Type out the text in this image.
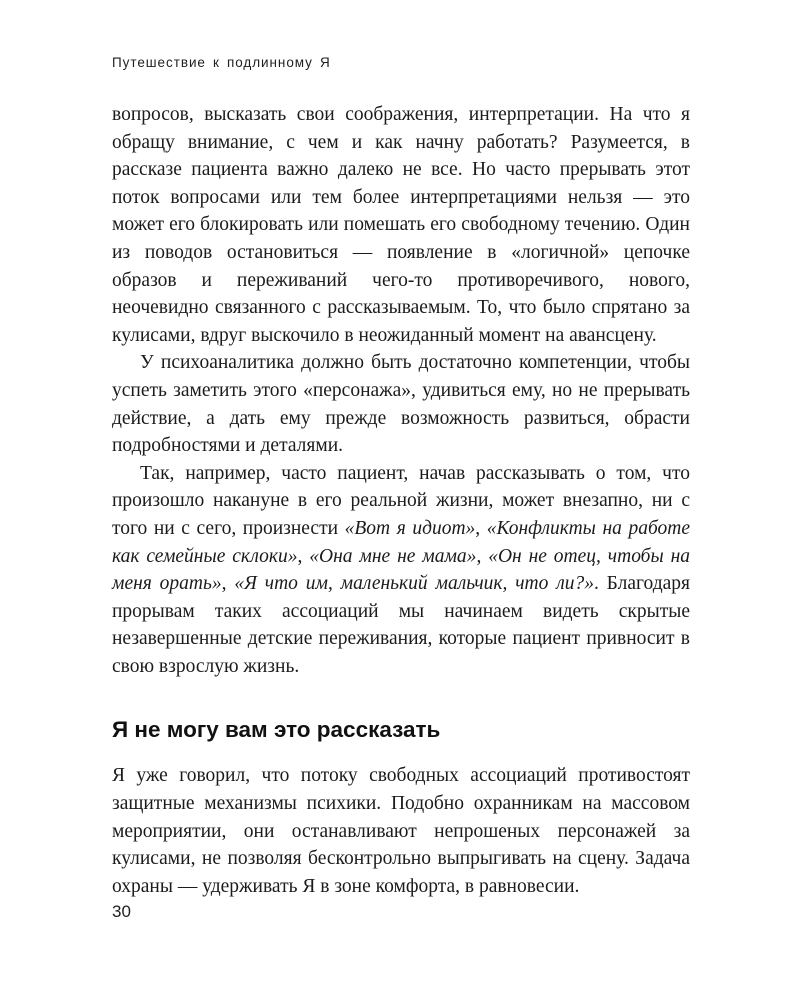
Путешествие к подлинному Я

вопросов, высказать свои соображения, интерпретации. На что я обращу внимание, с чем и как начну работать? Разумеется, в рассказе пациента важно далеко не все. Но часто прерывать этот поток вопросами или тем более интерпретациями нельзя — это может его блокировать или помешать его свободному течению. Один из поводов остановиться — появление в «логичной» цепочке образов и переживаний чего-то противоречивого, нового, неочевидно связанного с рассказываемым. То, что было спрятано за кулисами, вдруг выскочило в неожиданный момент на авансцену.

У психоаналитика должно быть достаточно компетенции, чтобы успеть заметить этого «персонажа», удивиться ему, но не прерывать действие, а дать ему прежде возможность развиться, обрасти подробностями и деталями.

Так, например, часто пациент, начав рассказывать о том, что произошло накануне в его реальной жизни, может внезапно, ни с того ни с сего, произнести «Вот я идиот», «Конфликты на работе как семейные склоки», «Она мне не мама», «Он не отец, чтобы на меня орать», «Я что им, маленький мальчик, что ли?». Благодаря прорывам таких ассоциаций мы начинаем видеть скрытые незавершенные детские переживания, которые пациент привносит в свою взрослую жизнь.

Я не могу вам это рассказать

Я уже говорил, что потоку свободных ассоциаций противостоят защитные механизмы психики. Подобно охранникам на массовом мероприятии, они останавливают непрошеных персонажей за кулисами, не позволяя бесконтрольно выпрыгивать на сцену. Задача охраны — удерживать Я в зоне комфорта, в равновесии.

30
